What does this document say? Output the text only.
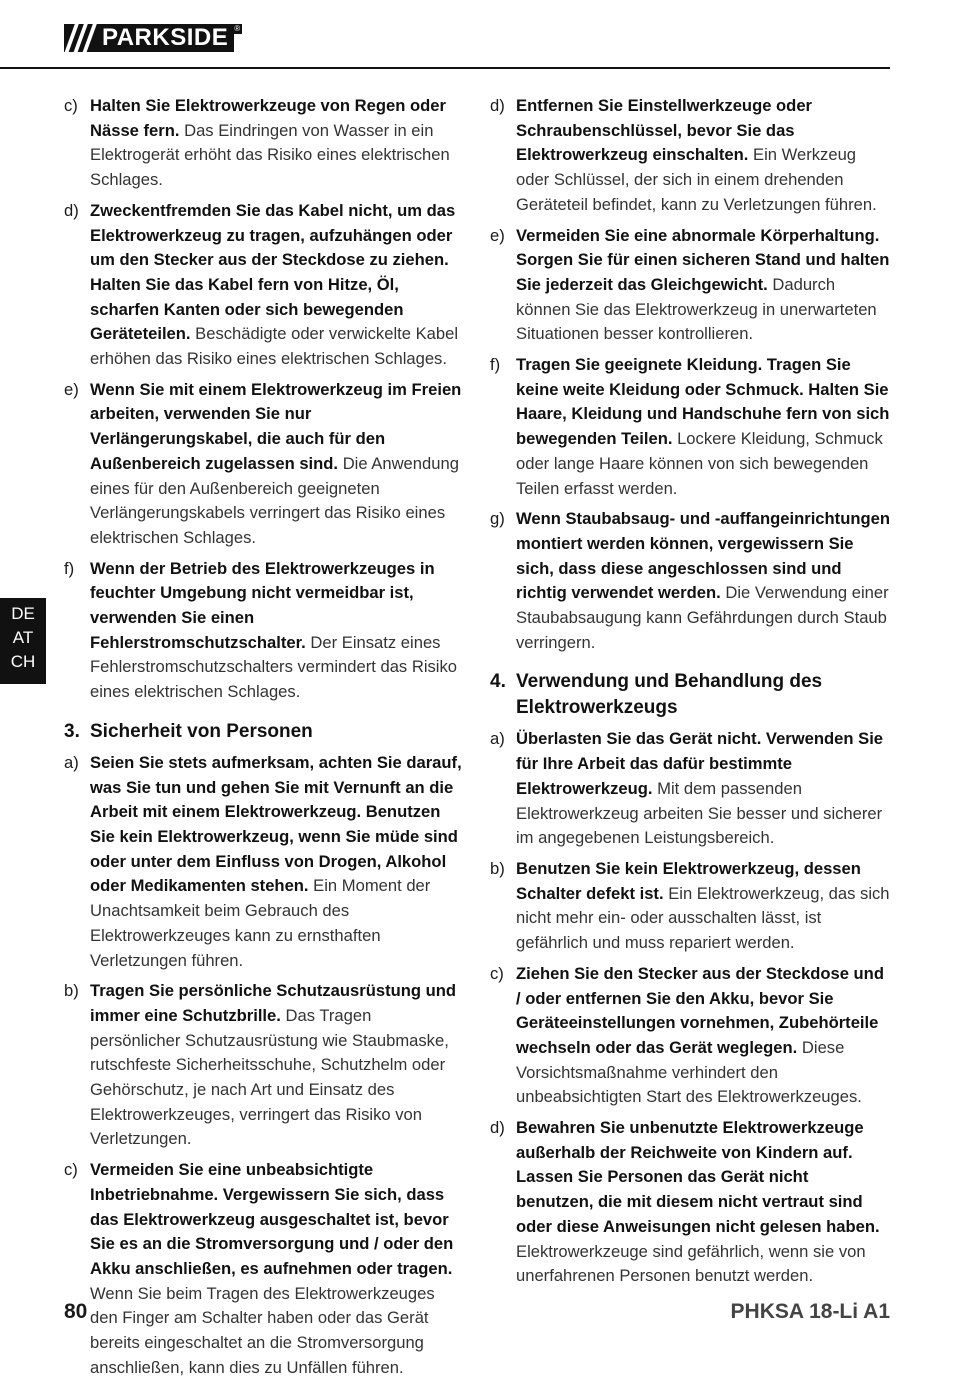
PARKSIDE ®
DE
AT
CH
c) Halten Sie Elektrowerkzeuge von Regen oder Nässe fern. Das Eindringen von Wasser in ein Elektrogerät erhöht das Risiko eines elektrischen Schlages.
d) Zweckentfremden Sie das Kabel nicht, um das Elektrowerkzeug zu tragen, aufzuhängen oder um den Stecker aus der Steckdose zu ziehen. Halten Sie das Kabel fern von Hitze, Öl, scharfen Kanten oder sich bewegenden Geräteteilen. Beschädigte oder verwickelte Kabel erhöhen das Risiko eines elektrischen Schlages.
e) Wenn Sie mit einem Elektrowerkzeug im Freien arbeiten, verwenden Sie nur Verlängerungskabel, die auch für den Außenbereich zugelassen sind. Die Anwendung eines für den Außenbereich geeigneten Verlängerungskabels verringert das Risiko eines elektrischen Schlages.
f) Wenn der Betrieb des Elektrowerkzeuges in feuchter Umgebung nicht vermeidbar ist, verwenden Sie einen Fehlerstromschutzschalter. Der Einsatz eines Fehlerstromschutzschalters vermindert das Risiko eines elektrischen Schlages.
3. Sicherheit von Personen
a) Seien Sie stets aufmerksam, achten Sie darauf, was Sie tun und gehen Sie mit Vernunft an die Arbeit mit einem Elektrowerkzeug. Benutzen Sie kein Elektrowerkzeug, wenn Sie müde sind oder unter dem Einfluss von Drogen, Alkohol oder Medikamenten stehen. Ein Moment der Unachtsamkeit beim Gebrauch des Elektrowerkzeuges kann zu ernsthaften Verletzungen führen.
b) Tragen Sie persönliche Schutzausrüstung und immer eine Schutzbrille. Das Tragen persönlicher Schutzausrüstung wie Staubmaske, rutschfeste Sicherheitsschuhe, Schutzhelm oder Gehörschutz, je nach Art und Einsatz des Elektrowerkzeuges, verringert das Risiko von Verletzungen.
c) Vermeiden Sie eine unbeabsichtigte Inbetriebnahme. Vergewissern Sie sich, dass das Elektrowerkzeug ausgeschaltet ist, bevor Sie es an die Stromversorgung und / oder den Akku anschließen, es aufnehmen oder tragen. Wenn Sie beim Tragen des Elektrowerkzeuges den Finger am Schalter haben oder das Gerät bereits eingeschaltet an die Stromversorgung anschließen, kann dies zu Unfällen führen.
d) Entfernen Sie Einstellwerkzeuge oder Schraubenschlüssel, bevor Sie das Elektrowerkzeug einschalten. Ein Werkzeug oder Schlüssel, der sich in einem drehenden Geräteteil befindet, kann zu Verletzungen führen.
e) Vermeiden Sie eine abnormale Körperhaltung. Sorgen Sie für einen sicheren Stand und halten Sie jederzeit das Gleichgewicht. Dadurch können Sie das Elektrowerkzeug in unerwarteten Situationen besser kontrollieren.
f) Tragen Sie geeignete Kleidung. Tragen Sie keine weite Kleidung oder Schmuck. Halten Sie Haare, Kleidung und Handschuhe fern von sich bewegenden Teilen. Lockere Kleidung, Schmuck oder lange Haare können von sich bewegenden Teilen erfasst werden.
g) Wenn Staubabsaug- und -auffangeinrichtungen montiert werden können, vergewissern Sie sich, dass diese angeschlossen sind und richtig verwendet werden. Die Verwendung einer Staubabsaugung kann Gefährdungen durch Staub verringern.
4. Verwendung und Behandlung des Elektrowerkzeugs
a) Überlasten Sie das Gerät nicht. Verwenden Sie für Ihre Arbeit das dafür bestimmte Elektrowerkzeug. Mit dem passenden Elektrowerkzeug arbeiten Sie besser und sicherer im angegebenen Leistungsbereich.
b) Benutzen Sie kein Elektrowerkzeug, dessen Schalter defekt ist. Ein Elektrowerkzeug, das sich nicht mehr ein- oder ausschalten lässt, ist gefährlich und muss repariert werden.
c) Ziehen Sie den Stecker aus der Steckdose und / oder entfernen Sie den Akku, bevor Sie Geräteeinstellungen vornehmen, Zubehörteile wechseln oder das Gerät weglegen. Diese Vorsichtsmaßnahme verhindert den unbeabsichtigten Start des Elektrowerkzeuges.
d) Bewahren Sie unbenutzte Elektrowerkzeuge außerhalb der Reichweite von Kindern auf. Lassen Sie Personen das Gerät nicht benutzen, die mit diesem nicht vertraut sind oder diese Anweisungen nicht gelesen haben. Elektrowerkzeuge sind gefährlich, wenn sie von unerfahrenen Personen benutzt werden.
80	PHKSA 18-Li A1
